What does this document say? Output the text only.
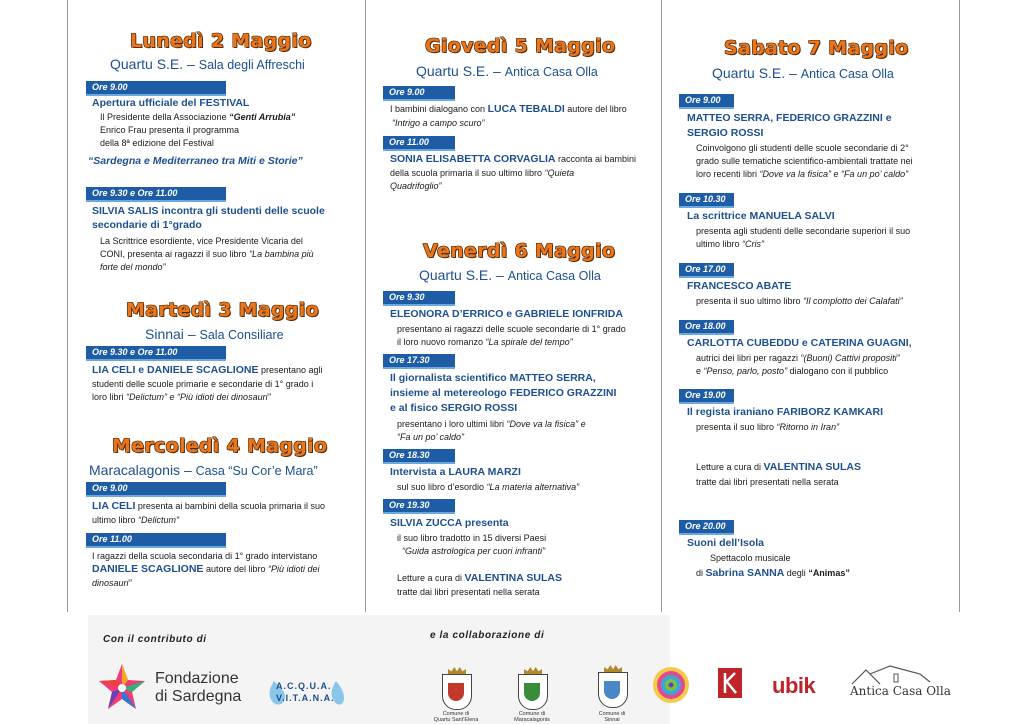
Lunedì 2 Maggio
Quartu S.E. – Sala degli Affreschi
Ore 9.00
Apertura ufficiale del FESTIVAL
Il Presidente della Associazione “Genti Arrubia”
Enrico Frau presenta il programma
della 8ª edizione del Festival
“Sardegna e Mediterraneo tra Miti e Storie”
Ore 9.30 e Ore 11.00
SILVIA SALIS incontra gli studenti delle scuole
secondarie di 1°grado
La Scrittrice esordiente, vice Presidente Vicaria del
CONI, presenta ai ragazzi il suo libro “La bambina più
forte del mondo”
Martedì 3 Maggio
Sinnai – Sala Consiliare
Ore 9.30 e Ore 11.00
LIA CELI e DANIELE SCAGLIONE presentano agli
studenti delle scuole primarie e secondarie di 1° grado i
loro libri “Delictum” e “Più idioti dei dinosauri”
Mercoledì 4 Maggio
Maracalagonis – Casa “Su Cor’e Mara”
Ore 9.00
LIA CELI presenta ai bambini della scuola primaria il suo
ultimo libro “Delictum”
Ore 11.00
I ragazzi della scuola secondaria di 1° grado intervistano
DANIELE SCAGLIONE autore del libro “Più idioti dei
dinosauri”
Giovedì 5 Maggio
Quartu S.E. – Antica Casa Olla
Ore 9.00
I bambini dialogano con LUCA TEBALDI autore del libro
“Intrigo a campo scuro”
Ore 11.00
SONIA ELISABETTA CORVAGLIA racconta ai bambini
della scuola primaria il suo ultimo libro “Quieta
Quadrifoglio”
Venerdì 6 Maggio
Quartu S.E. – Antica Casa Olla
Ore 9.30
ELEONORA D’ERRICO e GABRIELE IONFRIDA
presentano ai ragazzi delle scuole secondarie di 1° grado
il loro nuovo romanzo “La spirale del tempo”
Ore 17.30
Il giornalista scientifico MATTEO SERRA,
insieme al metereologo FEDERICO GRAZZINI
e al fisico SERGIO ROSSI
presentano i loro ultimi libri “Dove va la fisica” e
“Fa un po’ caldo”
Ore 18.30
Intervista a LAURA MARZI
sul suo libro d’esordio “La materia alternativa”
Ore 19.30
SILVIA ZUCCA presenta
il suo libro tradotto in 15 diversi Paesi
“Guida astrologica per cuori infranti”
Letture a cura di VALENTINA SULAS
tratte dai libri presentati nella serata
Sabato 7 Maggio
Quartu S.E. – Antica Casa Olla
Ore 9.00
MATTEO SERRA, FEDERICO GRAZZINI e
SERGIO ROSSI
Coinvolgono gli studenti delle scuole secondarie di 2°
grado sulle tematiche scientifico-ambientali trattate nei
loro recenti libri “Dove va la fisica” e “Fa un po’ caldo”
Ore 10.30
La scrittrice MANUELA SALVI
presenta agli studenti delle secondarie superiori il suo
ultimo libro “Cris”
Ore 17.00
FRANCESCO ABATE
presenta il suo ultimo libro “Il complotto dei Calafati”
Ore 18.00
CARLOTTA CUBEDDU e CATERINA GUAGNI,
autrici dei libri per ragazzi “(Buoni) Cattivi propositi”
e “Penso, parlo, posto” dialogano con il pubblico
Ore 19.00
Il regista iraniano FARIBORZ KAMKARI
presenta il suo libro “Ritorno in Iran”
Letture a cura di VALENTINA SULAS
tratte dai libri presentati nella serata
Ore 20.00
Suoni dell’Isola
Spettacolo musicale
di Sabrina SANNA degli “Animas”
Con il contributo di	e la collaborazione di
Fondazione
di Sardegna
A.C.Q.U.A.
V.I.T.A.N.A.
Comune di
Quartu Sant'Elena
Comune di
Maracalagonis
Comune di
Sinnai
ubik	Antica Casa Olla
